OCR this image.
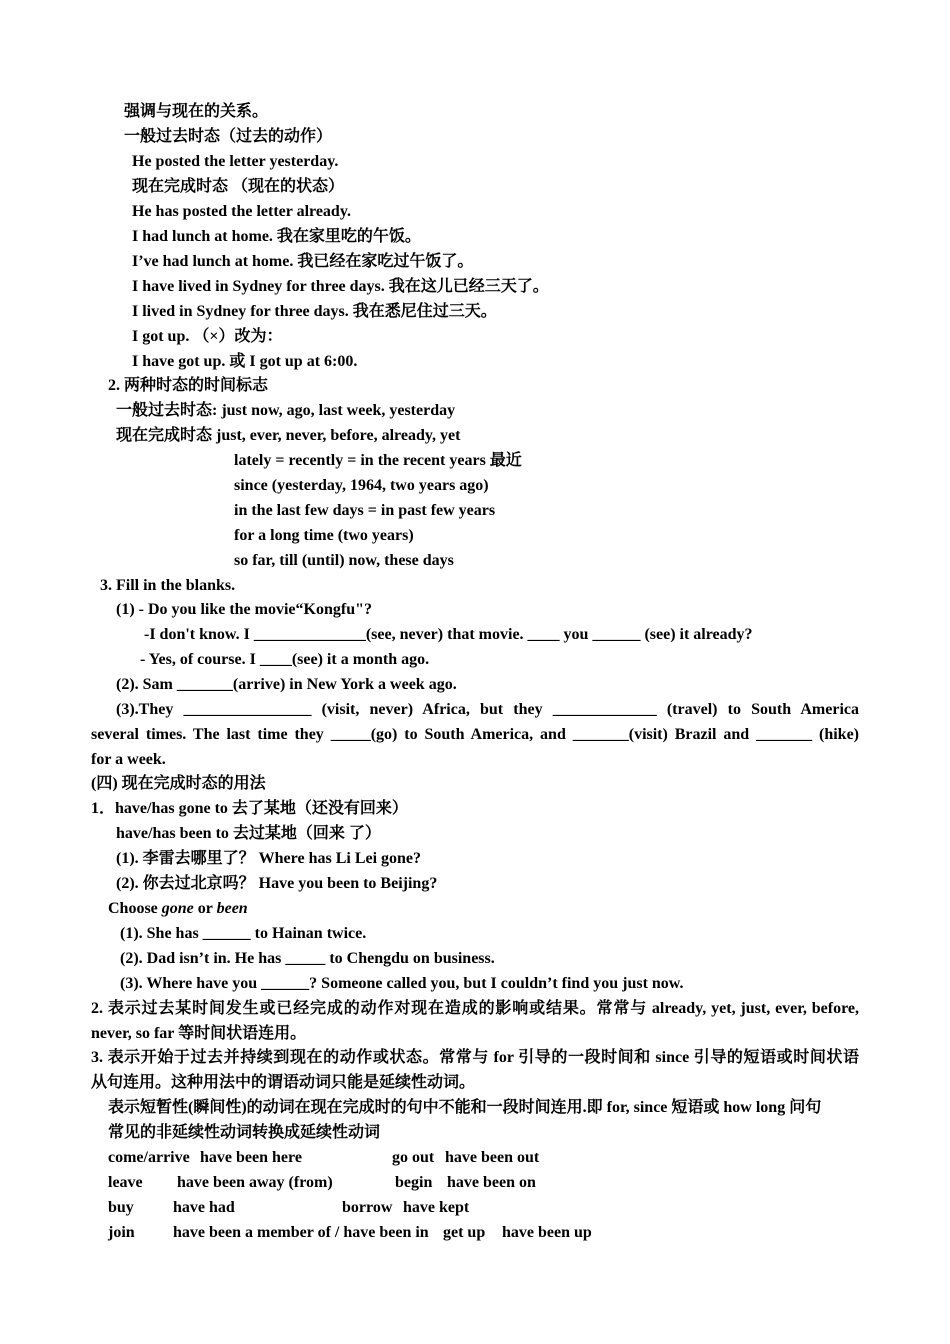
强调与现在的关系。
一般过去时态（过去的动作）
He posted the letter yesterday.
现在完成时态 （现在的状态）
He has posted the letter already.
I had lunch at home. 我在家里吃的午饭。
I’ve had lunch at home. 我已经在家吃过午饭了。
I have lived in Sydney for three days. 我在这儿已经三天了。
I lived in Sydney for three days. 我在悉尼住过三天。
I got up. （×）改为：
I have got up. 或 I got up at 6:00.
2. 两种时态的时间标志
一般过去时态: just now, ago, last week, yesterday
现在完成时态 just, ever, never, before, already, yet
lately = recently = in the recent years 最近
since (yesterday, 1964, two years ago)
in the last few days = in past few years
for a long time (two years)
so far, till (until) now, these days
3. Fill in the blanks.
(1) - Do you like the movie“Kongfu"?
-I don't know. I ______________(see, never) that movie. ____ you ______ (see) it already?
- Yes, of course. I ____(see) it a month ago.
(2). Sam _______(arrive) in New York a week ago.
(3).They ________________ (visit, never) Africa, but they _____________ (travel) to South America
several times. The last time they _____(go) to South America, and _______(visit) Brazil and _______ (hike)
for a week.
(四) 现在完成时态的用法
1．have/has gone to 去了某地（还没有回来）
have/has been to 去过某地（回来 了）
(1). 李雷去哪里了？ Where has Li Lei gone?
(2). 你去过北京吗？ Have you been to Beijing?
Choose gone or been
(1). She has ______ to Hainan twice.
(2). Dad isn’t in. He has _____ to Chengdu on business.
(3). Where have you ______? Someone called you, but I couldn’t find you just now.
2. 表示过去某时间发生或已经完成的动作对现在造成的影响或结果。常常与 already, yet, just, ever, before,
never, so far 等时间状语连用。
3. 表示开始于过去并持续到现在的动作或状态。常常与 for 引导的一段时间和 since 引导的短语或时间状语
从句连用。这种用法中的谓语动词只能是延续性动词。
表示短暂性(瞬间性)的动词在现在完成时的句中不能和一段时间连用.即 for, since 短语或 how long 问句
常见的非延续性动词转换成延续性动词
come/arrive have been here	go out have been out
leave have been away (from)	begin have been on
buy have had	borrow have kept
join have been a member of / have been in get up have been up
